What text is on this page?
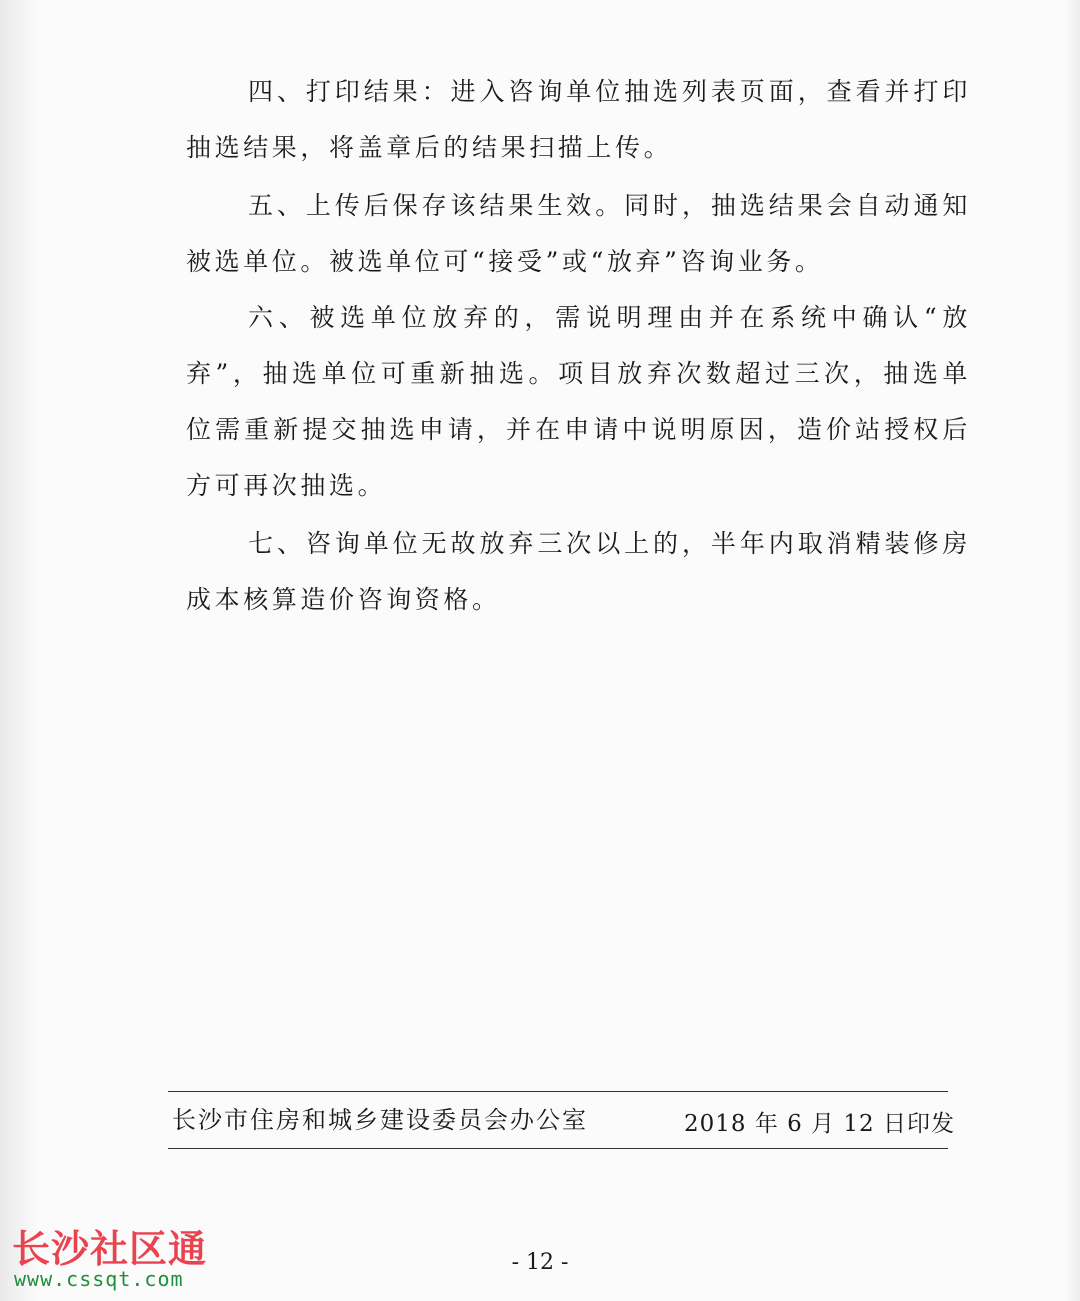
四、打印结果：进入咨询单位抽选列表页面，查看并打印抽选结果，将盖章后的结果扫描上传。

五、上传后保存该结果生效。同时，抽选结果会自动通知被选单位。被选单位可“接受”或“放弃”咨询业务。

六、被选单位放弃的，需说明理由并在系统中确认“放弃”，抽选单位可重新抽选。项目放弃次数超过三次，抽选单位需重新提交抽选申请，并在申请中说明原因，造价站授权后方可再次抽选。

七、咨询单位无故放弃三次以上的，半年内取消精装修房成本核算造价咨询资格。

长沙市住房和城乡建设委员会办公室	2018 年 6 月 12 日印发
长沙社区通
www.cssqt.com
- 12 -
